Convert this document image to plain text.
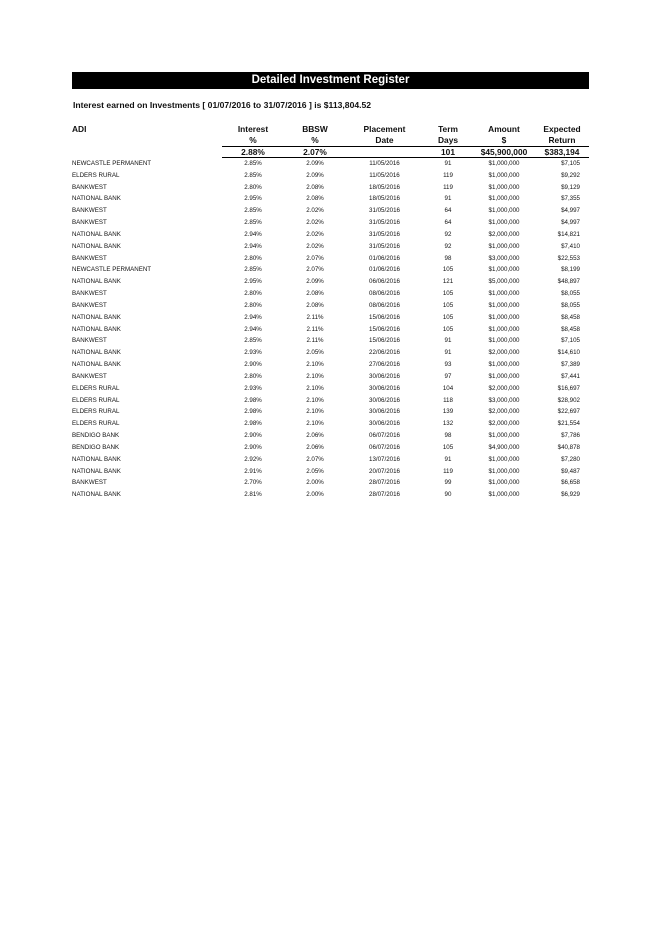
Detailed Investment Register
Interest earned on Investments [ 01/07/2016 to 31/07/2016 ] is $113,804.52
ADI	Interest	BBSW	Placement	Term	Amount	Expected
	%	%	Date	Days	$	Return
	2.88%	2.07%		101	$45,900,000	$383,194
NEWCASTLE PERMANENT	2.85%	2.09%	11/05/2016	91	$1,000,000	$7,105
ELDERS RURAL	2.85%	2.09%	11/05/2016	119	$1,000,000	$9,292
BANKWEST	2.80%	2.08%	18/05/2016	119	$1,000,000	$9,129
NATIONAL BANK	2.95%	2.08%	18/05/2016	91	$1,000,000	$7,355
BANKWEST	2.85%	2.02%	31/05/2016	64	$1,000,000	$4,997
BANKWEST	2.85%	2.02%	31/05/2016	64	$1,000,000	$4,997
NATIONAL BANK	2.94%	2.02%	31/05/2016	92	$2,000,000	$14,821
NATIONAL BANK	2.94%	2.02%	31/05/2016	92	$1,000,000	$7,410
BANKWEST	2.80%	2.07%	01/06/2016	98	$3,000,000	$22,553
NEWCASTLE PERMANENT	2.85%	2.07%	01/06/2016	105	$1,000,000	$8,199
NATIONAL BANK	2.95%	2.09%	06/06/2016	121	$5,000,000	$48,897
BANKWEST	2.80%	2.08%	08/06/2016	105	$1,000,000	$8,055
BANKWEST	2.80%	2.08%	08/06/2016	105	$1,000,000	$8,055
NATIONAL BANK	2.94%	2.11%	15/06/2016	105	$1,000,000	$8,458
NATIONAL BANK	2.94%	2.11%	15/06/2016	105	$1,000,000	$8,458
BANKWEST	2.85%	2.11%	15/06/2016	91	$1,000,000	$7,105
NATIONAL BANK	2.93%	2.05%	22/06/2016	91	$2,000,000	$14,610
NATIONAL BANK	2.90%	2.10%	27/06/2016	93	$1,000,000	$7,389
BANKWEST	2.80%	2.10%	30/06/2016	97	$1,000,000	$7,441
ELDERS RURAL	2.93%	2.10%	30/06/2016	104	$2,000,000	$16,697
ELDERS RURAL	2.98%	2.10%	30/06/2016	118	$3,000,000	$28,902
ELDERS RURAL	2.98%	2.10%	30/06/2016	139	$2,000,000	$22,697
ELDERS RURAL	2.98%	2.10%	30/06/2016	132	$2,000,000	$21,554
BENDIGO BANK	2.90%	2.06%	06/07/2016	98	$1,000,000	$7,786
BENDIGO BANK	2.90%	2.06%	06/07/2016	105	$4,900,000	$40,878
NATIONAL BANK	2.92%	2.07%	13/07/2016	91	$1,000,000	$7,280
NATIONAL BANK	2.91%	2.05%	20/07/2016	119	$1,000,000	$9,487
BANKWEST	2.70%	2.00%	28/07/2016	99	$1,000,000	$6,658
NATIONAL BANK	2.81%	2.00%	28/07/2016	90	$1,000,000	$6,929
